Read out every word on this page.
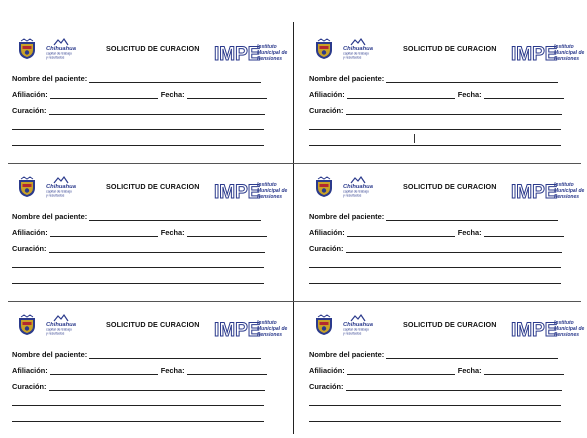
Chihuahua
capital de trabajo
y resultados
SOLICITUD DE CURACION IMPE
Instituto
Municipal de
Pensiones
Nombre del paciente:
Afiliación:	Fecha:
Curación:
Chihuahua
capital de trabajo
y resultados
SOLICITUD DE CURACION IMPE
Instituto
Municipal de
Pensiones
Nombre del paciente:
Afiliación:	Fecha:
Curación:
Chihuahua
capital de trabajo
y resultados
SOLICITUD DE CURACION IMPE
Instituto
Municipal de
Pensiones
Nombre del paciente:
Afiliación:	Fecha:
Curación:
Chihuahua
capital de trabajo
y resultados
SOLICITUD DE CURACION IMPE
Instituto
Municipal de
Pensiones
Nombre del paciente:
Afiliación:	Fecha:
Curación:
Chihuahua
capital de trabajo
y resultados
SOLICITUD DE CURACION IMPE
Instituto
Municipal de
Pensiones
Nombre del paciente:
Afiliación:	Fecha:
Curación:
Chihuahua
capital de trabajo
y resultados
SOLICITUD DE CURACION IMPE
Instituto
Municipal de
Pensiones
Nombre del paciente:
Afiliación:	Fecha:
Curación:
